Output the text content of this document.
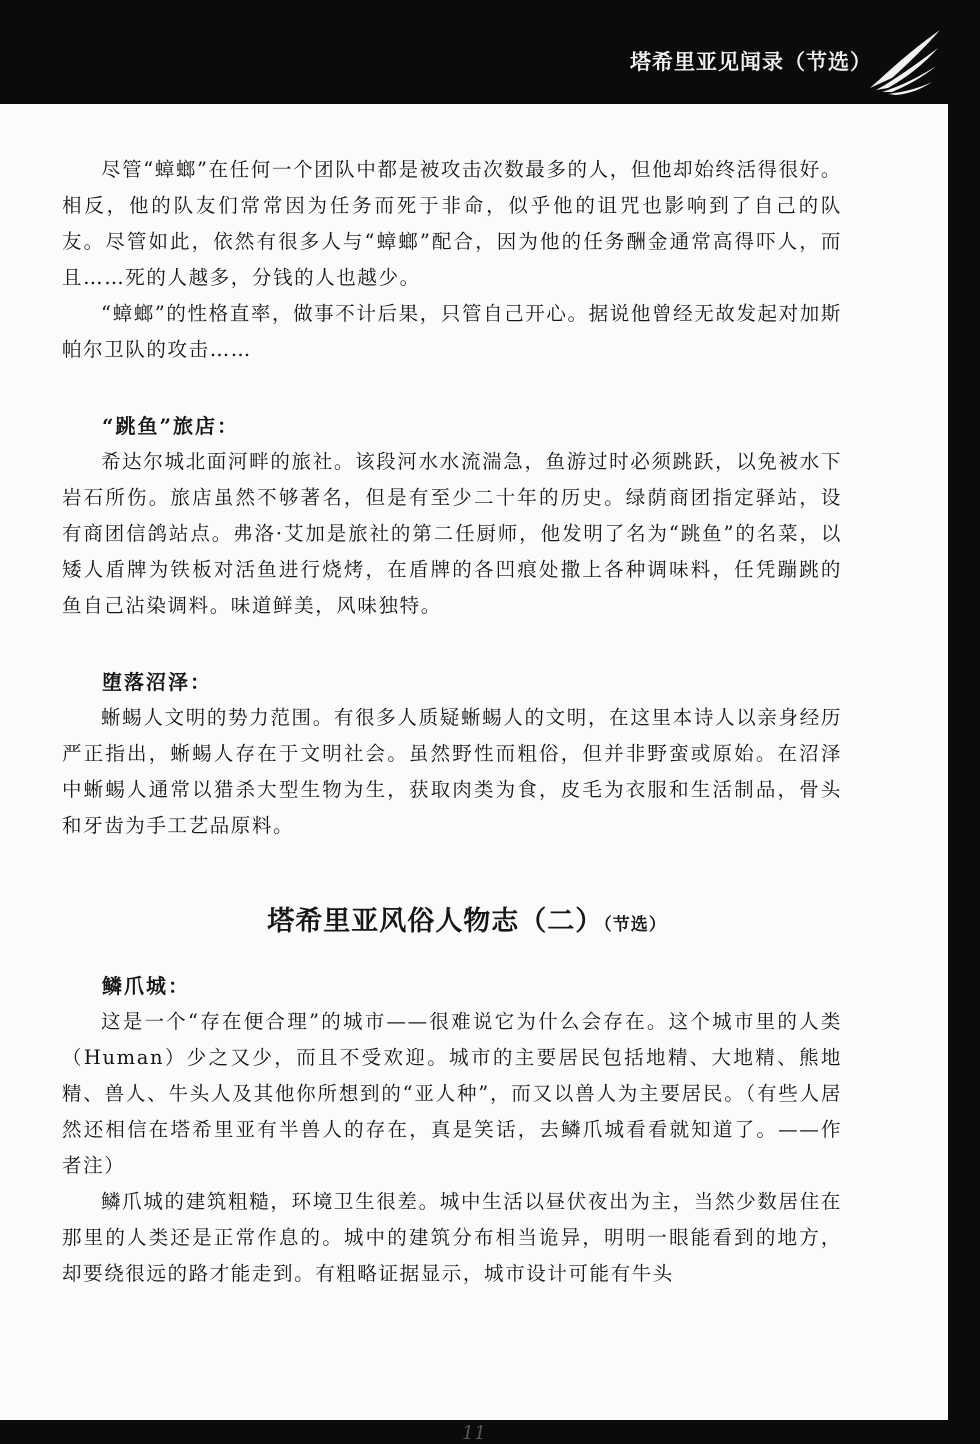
塔希里亚见闻录（节选）

尽管“蟑螂”在任何一个团队中都是被攻击次数最多的人，但他却始终活得很好。相反，他的队友们常常因为任务而死于非命，似乎他的诅咒也影响到了自己的队友。尽管如此，依然有很多人与“蟑螂”配合，因为他的任务酬金通常高得吓人，而且……死的人越多，分钱的人也越少。

“蟑螂”的性格直率，做事不计后果，只管自己开心。据说他曾经无故发起对加斯帕尔卫队的攻击……

“跳鱼”旅店：

希达尔城北面河畔的旅社。该段河水水流湍急，鱼游过时必须跳跃，以免被水下岩石所伤。旅店虽然不够著名，但是有至少二十年的历史。绿荫商团指定驿站，设有商团信鸽站点。弗洛·艾加是旅社的第二任厨师，他发明了名为“跳鱼”的名菜，以矮人盾牌为铁板对活鱼进行烧烤，在盾牌的各凹痕处撒上各种调味料，任凭蹦跳的鱼自己沾染调料。味道鲜美，风味独特。

堕落沼泽：

蜥蜴人文明的势力范围。有很多人质疑蜥蜴人的文明，在这里本诗人以亲身经历严正指出，蜥蜴人存在于文明社会。虽然野性而粗俗，但并非野蛮或原始。在沼泽中蜥蜴人通常以猎杀大型生物为生，获取肉类为食，皮毛为衣服和生活制品，骨头和牙齿为手工艺品原料。

塔希里亚风俗人物志（二）（节选）

鳞爪城：

这是一个“存在便合理”的城市——很难说它为什么会存在。这个城市里的人类（Human）少之又少，而且不受欢迎。城市的主要居民包括地精、大地精、熊地精、兽人、牛头人及其他你所想到的“亚人种”，而又以兽人为主要居民。（有些人居然还相信在塔希里亚有半兽人的存在，真是笑话，去鳞爪城看看就知道了。——作者注）

鳞爪城的建筑粗糙，环境卫生很差。城中生活以昼伏夜出为主，当然少数居住在那里的人类还是正常作息的。城中的建筑分布相当诡异，明明一眼能看到的地方，却要绕很远的路才能走到。有粗略证据显示，城市设计可能有牛头

11
